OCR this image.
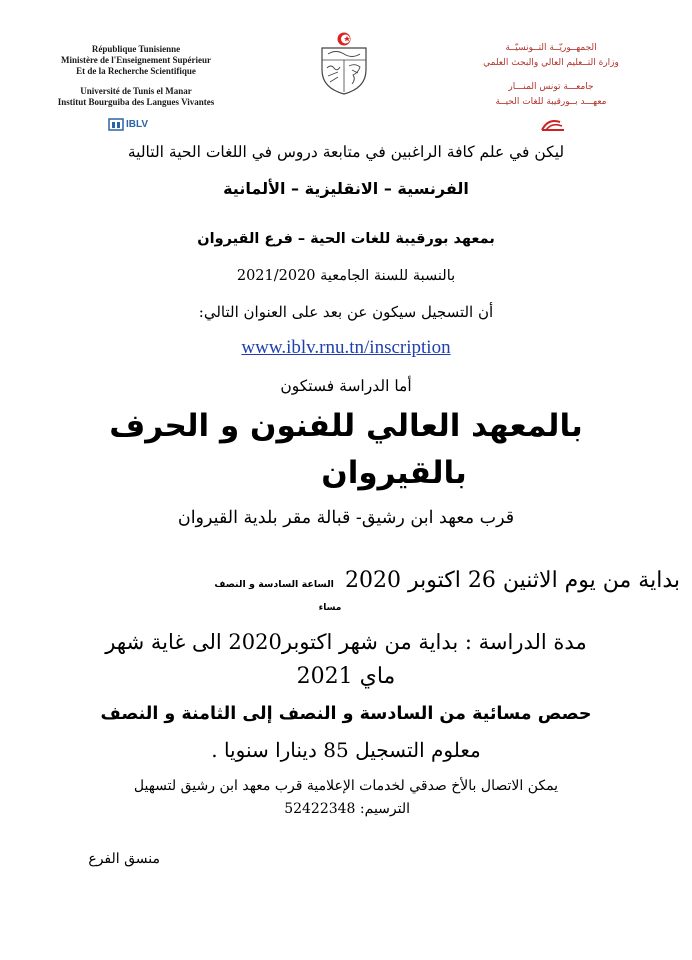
République Tunisienne
Ministère de l'Enseignement Supérieur
Et de la Recherche Scientifique
Université de Tunis el Manar
Institut Bourguiba des Langues Vivantes
IBLV
الجمهــوريّــة التــونسيّــة
وزارة التــعليم العالي والبحث العلمي
جامعـــة تونس المنـــار
معهـــد بــورقيبة للغات الحيــة
ليكن في علم كافة الراغبين في متابعة دروس في اللغات الحية التالية
الفرنسية – الانقليزية – الألمانية
بمعهد بورقيبة للغات الحية – فرع القيروان
بالنسبة للسنة الجامعية 2021/2020
أن التسجيل سيكون عن بعد على العنوان التالي:
www.iblv.rnu.tn/inscription
أما الدراسة فستكون
بالمعهد العالي للفنون و الحرف
بالقيروان
قرب معهد ابن رشيق- قبالة مقر بلدية القيروان
بداية من يوم الاثنين 26 اكتوبر 2020 الساعة السادسة و النصف
مساء
مدة الدراسة : بداية من شهر اكتوبر2020 الى غاية شهر
ماي 2021
حصص مسائية من السادسة و النصف إلى الثامنة و النصف
معلوم التسجيل 85 دينارا سنويا .
يمكن الاتصال بالأخ صدقي لخدمات الإعلامية قرب معهد ابن رشيق لتسهيل
الترسيم: 52422348
منسق الفرع
